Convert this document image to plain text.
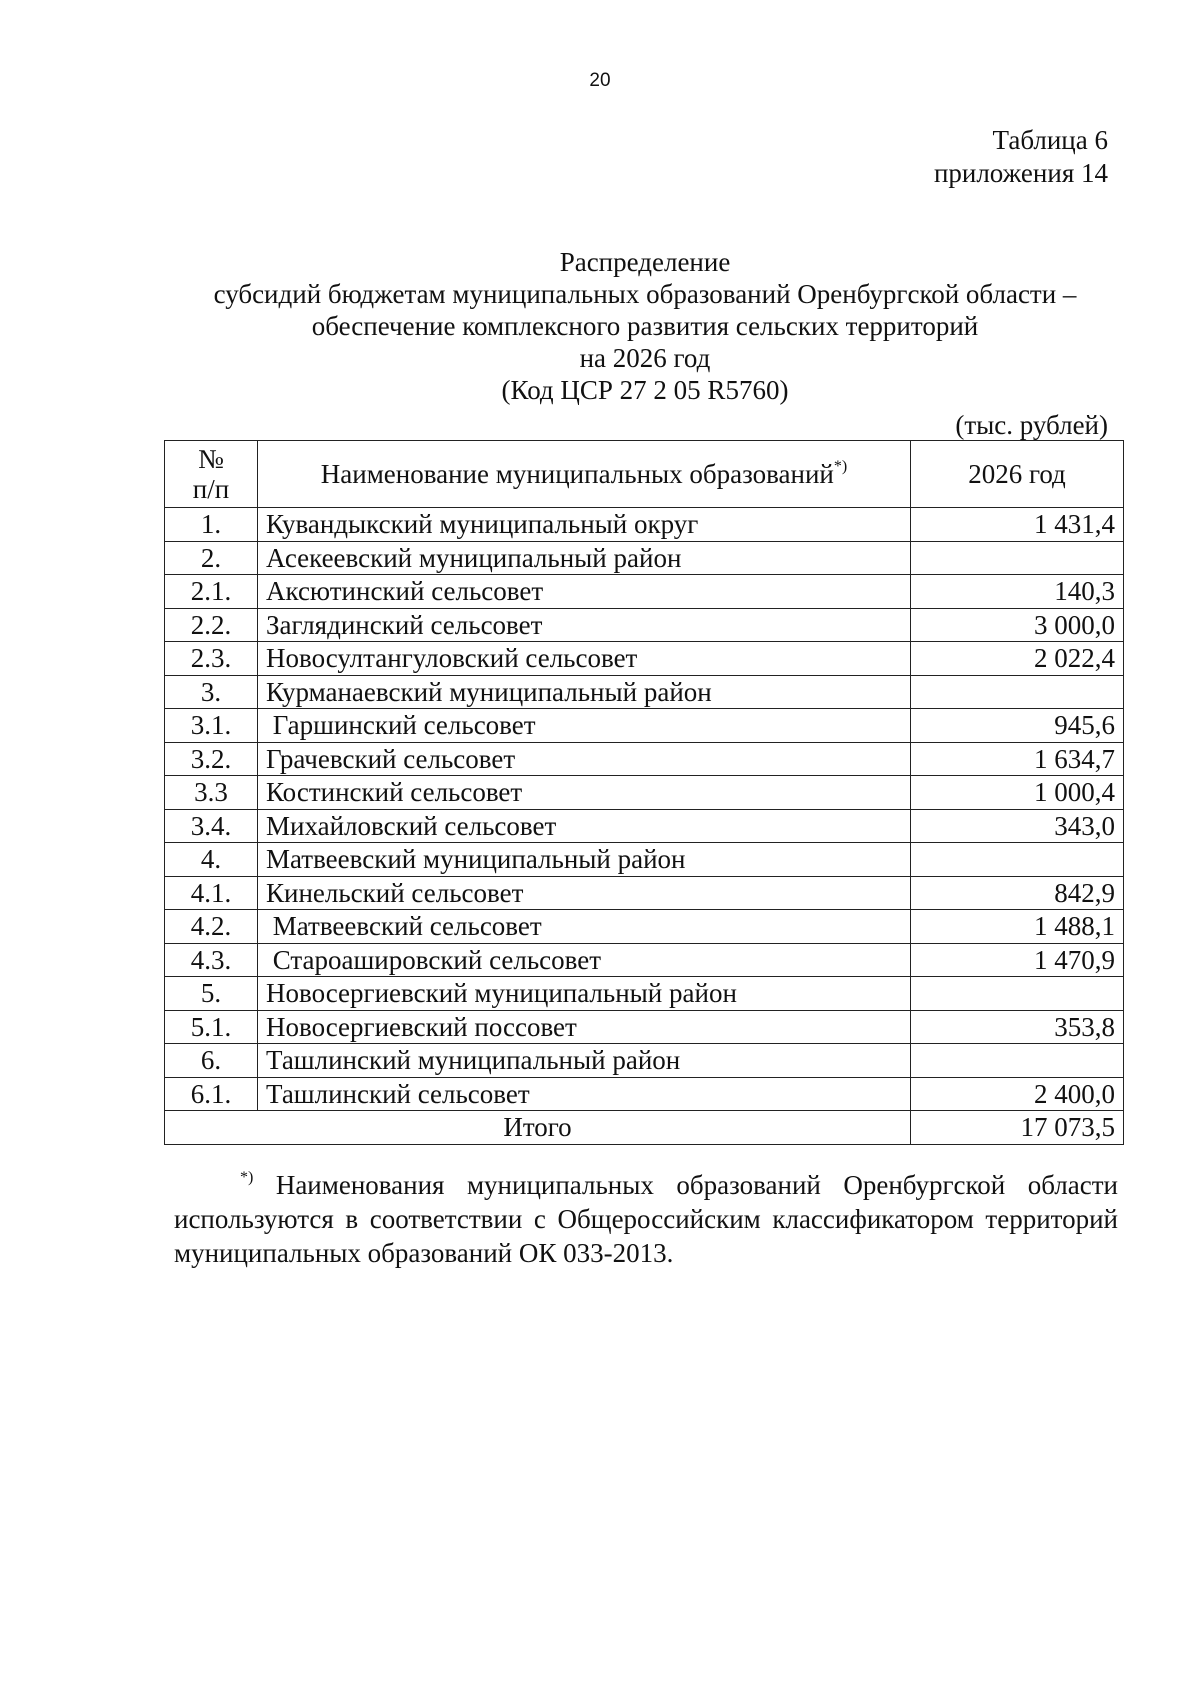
20
Таблица 6
приложения 14
Распределение
субсидий бюджетам муниципальных образований Оренбургской области –
обеспечение комплексного развития сельских территорий
на 2026 год
(Код ЦСР 27 2 05 R5760)
(тыс. рублей)
№
п/п	Наименование муниципальных образований*)	2026 год
1.	Кувандыкский муниципальный округ	1 431,4
2.	Асекеевский муниципальный район	
2.1.	Аксютинский сельсовет	140,3
2.2.	Заглядинский сельсовет	3 000,0
2.3.	Новосултангуловский сельсовет	2 022,4
3.	Курманаевский муниципальный район	
3.1.	Гаршинский сельсовет	945,6
3.2.	Грачевский сельсовет	1 634,7
3.3	Костинский сельсовет	1 000,4
3.4.	Михайловский сельсовет	343,0
4.	Матвеевский муниципальный район	
4.1.	Кинельский сельсовет	842,9
4.2.	Матвеевский сельсовет	1 488,1
4.3.	Староашировский сельсовет	1 470,9
5.	Новосергиевский муниципальный район	
5.1.	Новосергиевский поссовет	353,8
6.	Ташлинский муниципальный район	
6.1.	Ташлинский сельсовет	2 400,0
Итого		17 073,5
*) Наименования муниципальных образований Оренбургской области используются в соответствии с Общероссийским классификатором территорий муниципальных образований ОК 033-2013.
